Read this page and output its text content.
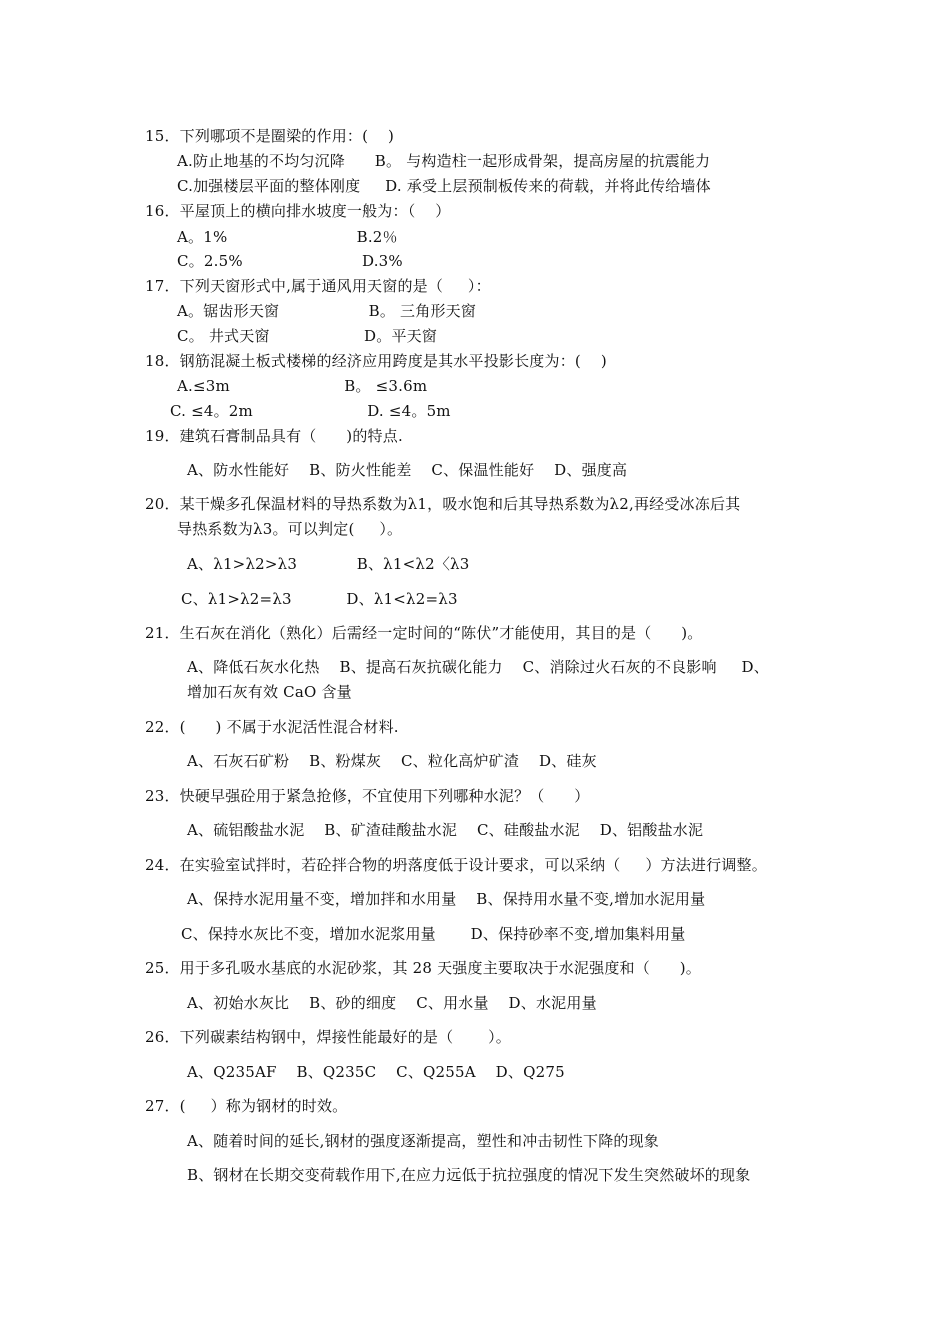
15．下列哪项不是圈梁的作用：(    )
A.防止地基的不均匀沉降      B。 与构造柱一起形成骨架，提高房屋的抗震能力
C.加强楼层平面的整体刚度     D. 承受上层预制板传来的荷载，并将此传给墙体
16．平屋顶上的横向排水坡度一般为：（    ）
A。1%                          B.2％
C。2.5%                        D.3%
17．下列天窗形式中,属于通风用天窗的是（     ）：
A。锯齿形天窗                  B。 三角形天窗
C。 井式天窗                   D。平天窗
18．钢筋混凝土板式楼梯的经济应用跨度是其水平投影长度为：(    )
A.≤3m                       B。 ≤3.6m
C. ≤4。2m                       D. ≤4。5m
19．建筑石膏制品具有（      )的特点.
A、防水性能好    B、防火性能差    C、保温性能好    D、强度高
20．某干燥多孔保温材料的导热系数为λ1，吸水饱和后其导热系数为λ2,再经受冰冻后其
导热系数为λ3。可以判定(     ）。
A、λ1>λ2>λ3            B、λ1<λ2〈λ3
C、λ1>λ2=λ3           D、λ1<λ2=λ3
21．生石灰在消化（熟化）后需经一定时间的“陈伏”才能使用，其目的是（      )。
A、降低石灰水化热    B、提高石灰抗碳化能力    C、消除过火石灰的不良影响     D、
增加石灰有效 CaO 含量
22．(      ) 不属于水泥活性混合材料.
A、石灰石矿粉    B、粉煤灰    C、粒化高炉矿渣    D、硅灰
23．快硬早强砼用于紧急抢修，不宜使用下列哪种水泥？（      ）
A、硫铝酸盐水泥    B、矿渣硅酸盐水泥    C、硅酸盐水泥    D、铝酸盐水泥
24．在实验室试拌时，若砼拌合物的坍落度低于设计要求，可以采纳（     ）方法进行调整。
A、保持水泥用量不变，增加拌和水用量    B、保持用水量不变,增加水泥用量
C、保持水灰比不变，增加水泥浆用量       D、保持砂率不变,增加集料用量
25．用于多孔吸水基底的水泥砂浆，其 28 天强度主要取决于水泥强度和（      )。
A、初始水灰比    B、砂的细度    C、用水量    D、水泥用量
26．下列碳素结构钢中，焊接性能最好的是（       ）。
A、Q235AF    B、Q235C    C、Q255A    D、Q275
27．(     ）称为钢材的时效。
A、随着时间的延长,钢材的强度逐渐提高，塑性和冲击韧性下降的现象
B、钢材在长期交变荷载作用下,在应力远低于抗拉强度的情况下发生突然破坏的现象
